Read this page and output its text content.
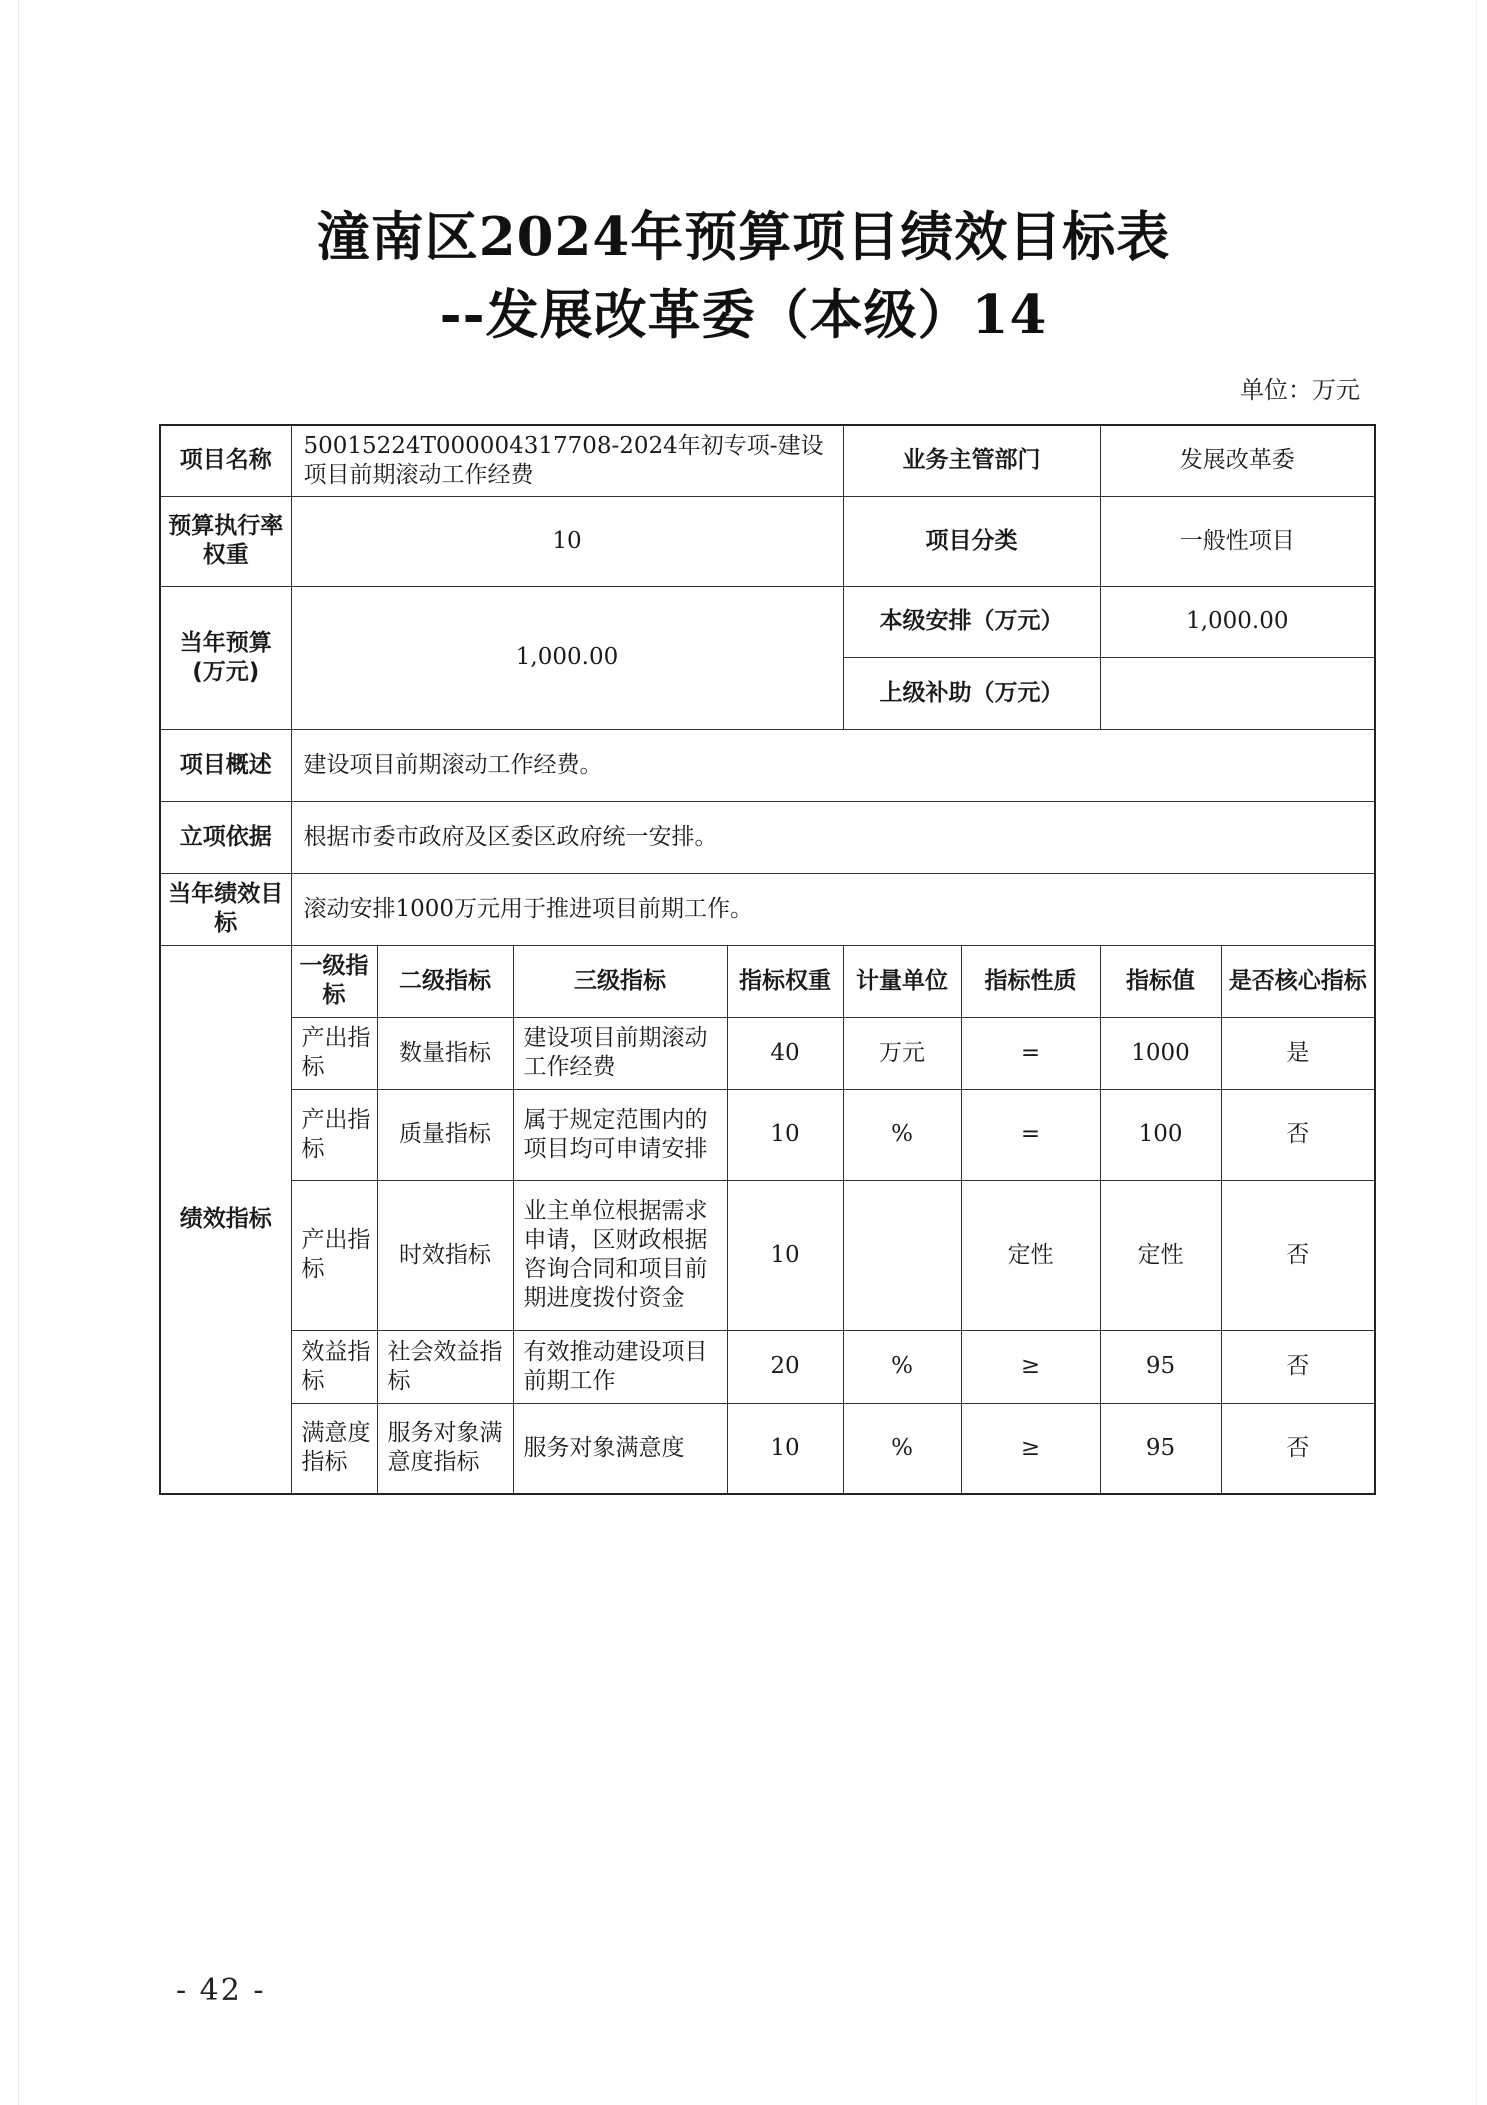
潼南区2024年预算项目绩效目标表
--发展改革委（本级）14
单位：万元
项目名称	50015224T000004317708-2024年初专项-建设项目前期滚动工作经费				业务主管部门		发展改革委	
预算执行率权重	10				项目分类		一般性项目	
当年预算(万元)	1,000.00				本级安排（万元）		1,000.00	
					上级补助（万元）			
项目概述	建设项目前期滚动工作经费。							
立项依据	根据市委市政府及区委区政府统一安排。							
当年绩效目标	滚动安排1000万元用于推进项目前期工作。							
绩效指标	一级指标	二级指标	三级指标	指标权重	计量单位	指标性质	指标值	是否核心指标
	产出指标	数量指标	建设项目前期滚动工作经费	40	万元	=	1000	是
	产出指标	质量指标	属于规定范围内的项目均可申请安排	10	%	=	100	否
	产出指标	时效指标	业主单位根据需求申请，区财政根据咨询合同和项目前期进度拨付资金	10		定性	定性	否
	效益指标	社会效益指标	有效推动建设项目前期工作	20	%	≥	95	否
	满意度指标	服务对象满意度指标	服务对象满意度	10	%	≥	95	否
- 42 -
